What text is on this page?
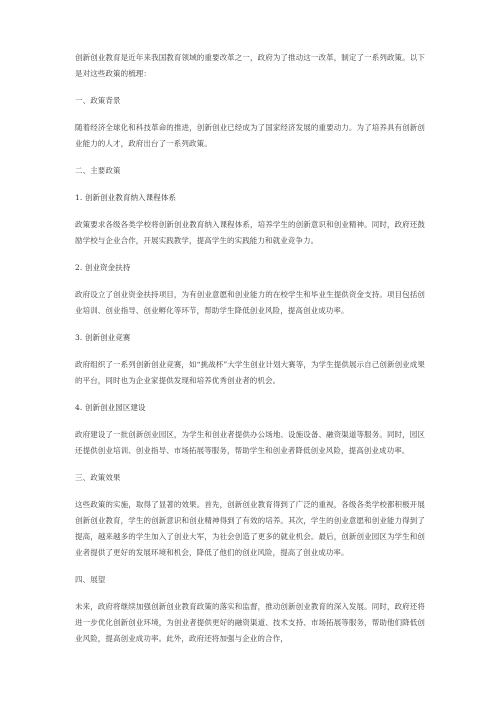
创新创业教育是近年来我国教育领域的重要改革之一，政府为了推动这一改革，制定了一系列政策。以下是对这些政策的梳理：

一、政策背景

随着经济全球化和科技革命的推进，创新创业已经成为了国家经济发展的重要动力。为了培养具有创新创业能力的人才，政府出台了一系列政策。

二、主要政策

1. 创新创业教育纳入课程体系

政策要求各级各类学校将创新创业教育纳入课程体系，培养学生的创新意识和创业精神。同时，政府还鼓励学校与企业合作，开展实践教学，提高学生的实践能力和就业竞争力。

2. 创业资金扶持

政府设立了创业资金扶持项目，为有创业意愿和创业能力的在校学生和毕业生提供资金支持。项目包括创业培训、创业指导、创业孵化等环节，帮助学生降低创业风险，提高创业成功率。

3. 创新创业竞赛

政府组织了一系列创新创业竞赛，如“挑战杯”大学生创业计划大赛等，为学生提供展示自己创新创业成果的平台，同时也为企业家提供发现和培养优秀创业者的机会。

4. 创新创业园区建设

政府建设了一批创新创业园区，为学生和创业者提供办公场地、设施设备、融资渠道等服务。同时，园区还提供创业培训、创业指导、市场拓展等服务，帮助学生和创业者降低创业风险，提高创业成功率。

三、政策效果

这些政策的实施，取得了显著的效果。首先，创新创业教育得到了广泛的重视，各级各类学校都积极开展创新创业教育，学生的创新意识和创业精神得到了有效的培养。其次，学生的创业意愿和创业能力得到了提高，越来越多的学生加入了创业大军，为社会创造了更多的就业机会。最后，创新创业园区为学生和创业者提供了更好的发展环境和机会，降低了他们的创业风险，提高了创业成功率。

四、展望

未来，政府将继续加强创新创业教育政策的落实和监督，推动创新创业教育的深入发展。同时，政府还将进一步优化创新创业环境，为创业者提供更好的融资渠道、技术支持、市场拓展等服务，帮助他们降低创业风险，提高创业成功率。此外，政府还将加强与企业的合作，
